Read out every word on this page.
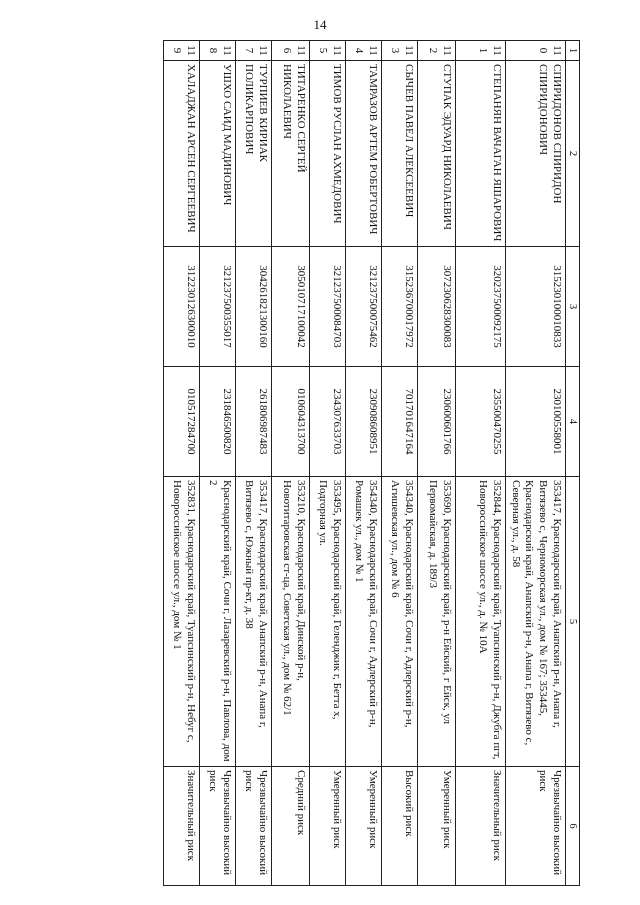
14
1	2	3	4	5	6
110	СПИРИДОНОВ СПИРИДОН СПИРИДОНОВИЧ	315230100010833	230100558001	353417, Краснодарский край, Анапский р-н, Анапа г, Витязево с, Черноморская ул., дом № 167; 353445, Краснодарский край, Анапский р-н, Анапа г, Витязево с, Северная ул., д. 58	Чрезвычайно высокий риск
111	СТЕПАНЯН ВАЧАГАН ЯШАРОВИЧ	320237500092175	235500470255	352844, Краснодарский край, Туапсинский р-н, Джубга пгт, Новороссийское шоссе ул., д. № 10А	Значительный риск
112	СТУПАК ЭДУАРД НИКОЛАЕВИЧ	307230628300083	230600601766	353690, Краснодарский край, р-н Ейский, г Ейск, ул Первомайская, д. 189/3	Умеренный риск
113	СЫЧЕВ ПАВЕЛ АЛЕКСЕЕВИЧ	315236700017972	701701647164	354340, Краснодарский край, Сочи г, Адлерский р-н, Агишевская ул., дом № 6	Высокий риск
114	ТАМРАЗОВ АРТЕМ РОБЕРТОВИЧ	321237500075462	230908608951	354340, Краснодарский край, Сочи г, Адлерский р-н, Ромашек ул., дом № 1	Умеренный риск
115	ТИМОВ РУСЛАН АХМЕДОВИЧ	321237500084703	234307633703	353495, Краснодарский край, Геленджик г, Бетта х, Подгорная ул.	Умеренный риск
116	ТИТАРЕНКО СЕРГЕЙ НИКОЛАЕВИЧ	305010717100042	010604313700	353210, Краснодарский край, Динской р-н, Новотитаровская ст-ца, Советская ул., дом № 62/1	Средний риск
117	ТУРПИЕВ КИРИАК ПОЛИКАРПОВИЧ	304261821300160	261806987483	353417, Краснодарский край, Анапский р-н, Анапа г, Витязево с, Южный пр-кт, д. 38	Чрезвычайно высокий риск
118	УШХО САИД МАДИНОВИЧ	321237500355017	231846500820	Краснодарский край, Сочи г, Лазаревский р-н, Павлова, дом 2	Чрезвычайно высокий риск
119	ХАЛАДЖАН АРСЕН СЕРГЕЕВИЧ	312230126300010	010517284700	352831, Краснодарский край, Туапсинский р-н, Небуг с, Новороссийское шоссе ул., дом № 1	Значительный риск
